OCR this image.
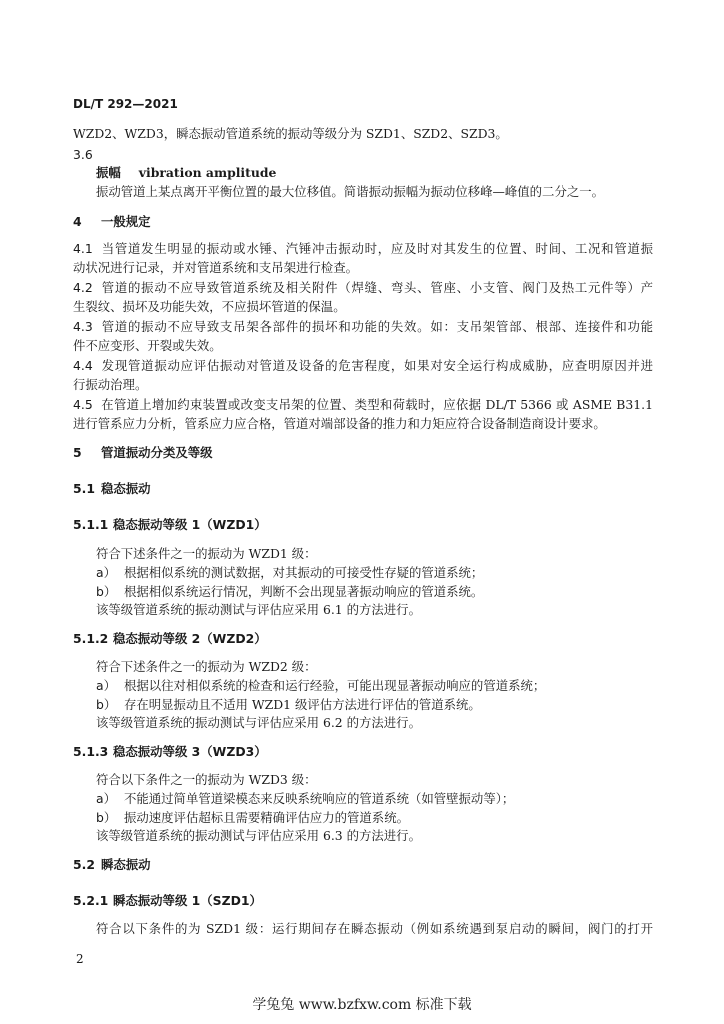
DL/T 292—2021
WZD2、WZD3，瞬态振动管道系统的振动等级分为 SZD1、SZD2、SZD3。
3.6
振幅 vibration amplitude
振动管道上某点离开平衡位置的最大位移值。简谐振动振幅为振动位移峰—峰值的二分之一。
4 一般规定
4.1 当管道发生明显的振动或水锤、汽锤冲击振动时，应及时对其发生的位置、时间、工况和管道振
动状况进行记录，并对管道系统和支吊架进行检查。
4.2 管道的振动不应导致管道系统及相关附件（焊缝、弯头、管座、小支管、阀门及热工元件等）产
生裂纹、损坏及功能失效，不应损坏管道的保温。
4.3 管道的振动不应导致支吊架各部件的损坏和功能的失效。如：支吊架管部、根部、连接件和功能
件不应变形、开裂或失效。
4.4 发现管道振动应评估振动对管道及设备的危害程度，如果对安全运行构成威胁，应查明原因并进
行振动治理。
4.5 在管道上增加约束装置或改变支吊架的位置、类型和荷载时，应依据 DL/T 5366 或 ASME B31.1
进行管系应力分析，管系应力应合格，管道对端部设备的推力和力矩应符合设备制造商设计要求。
5 管道振动分类及等级
5.1 稳态振动
5.1.1 稳态振动等级 1（WZD1）
符合下述条件之一的振动为 WZD1 级：
a） 根据相似系统的测试数据，对其振动的可接受性存疑的管道系统；
b） 根据相似系统运行情况，判断不会出现显著振动响应的管道系统。
该等级管道系统的振动测试与评估应采用 6.1 的方法进行。
5.1.2 稳态振动等级 2（WZD2）
符合下述条件之一的振动为 WZD2 级：
a） 根据以往对相似系统的检查和运行经验，可能出现显著振动响应的管道系统；
b） 存在明显振动且不适用 WZD1 级评估方法进行评估的管道系统。
该等级管道系统的振动测试与评估应采用 6.2 的方法进行。
5.1.3 稳态振动等级 3（WZD3）
符合以下条件之一的振动为 WZD3 级：
a） 不能通过简单管道梁模态来反映系统响应的管道系统（如管壁振动等）；
b） 振动速度评估超标且需要精确评估应力的管道系统。
该等级管道系统的振动测试与评估应采用 6.3 的方法进行。
5.2 瞬态振动
5.2.1 瞬态振动等级 1（SZD1）
符合以下条件的为 SZD1 级：运行期间存在瞬态振动（例如系统遇到泵启动的瞬间，阀门的打开
2
学兔兔 www.bzfxw.com 标准下载
